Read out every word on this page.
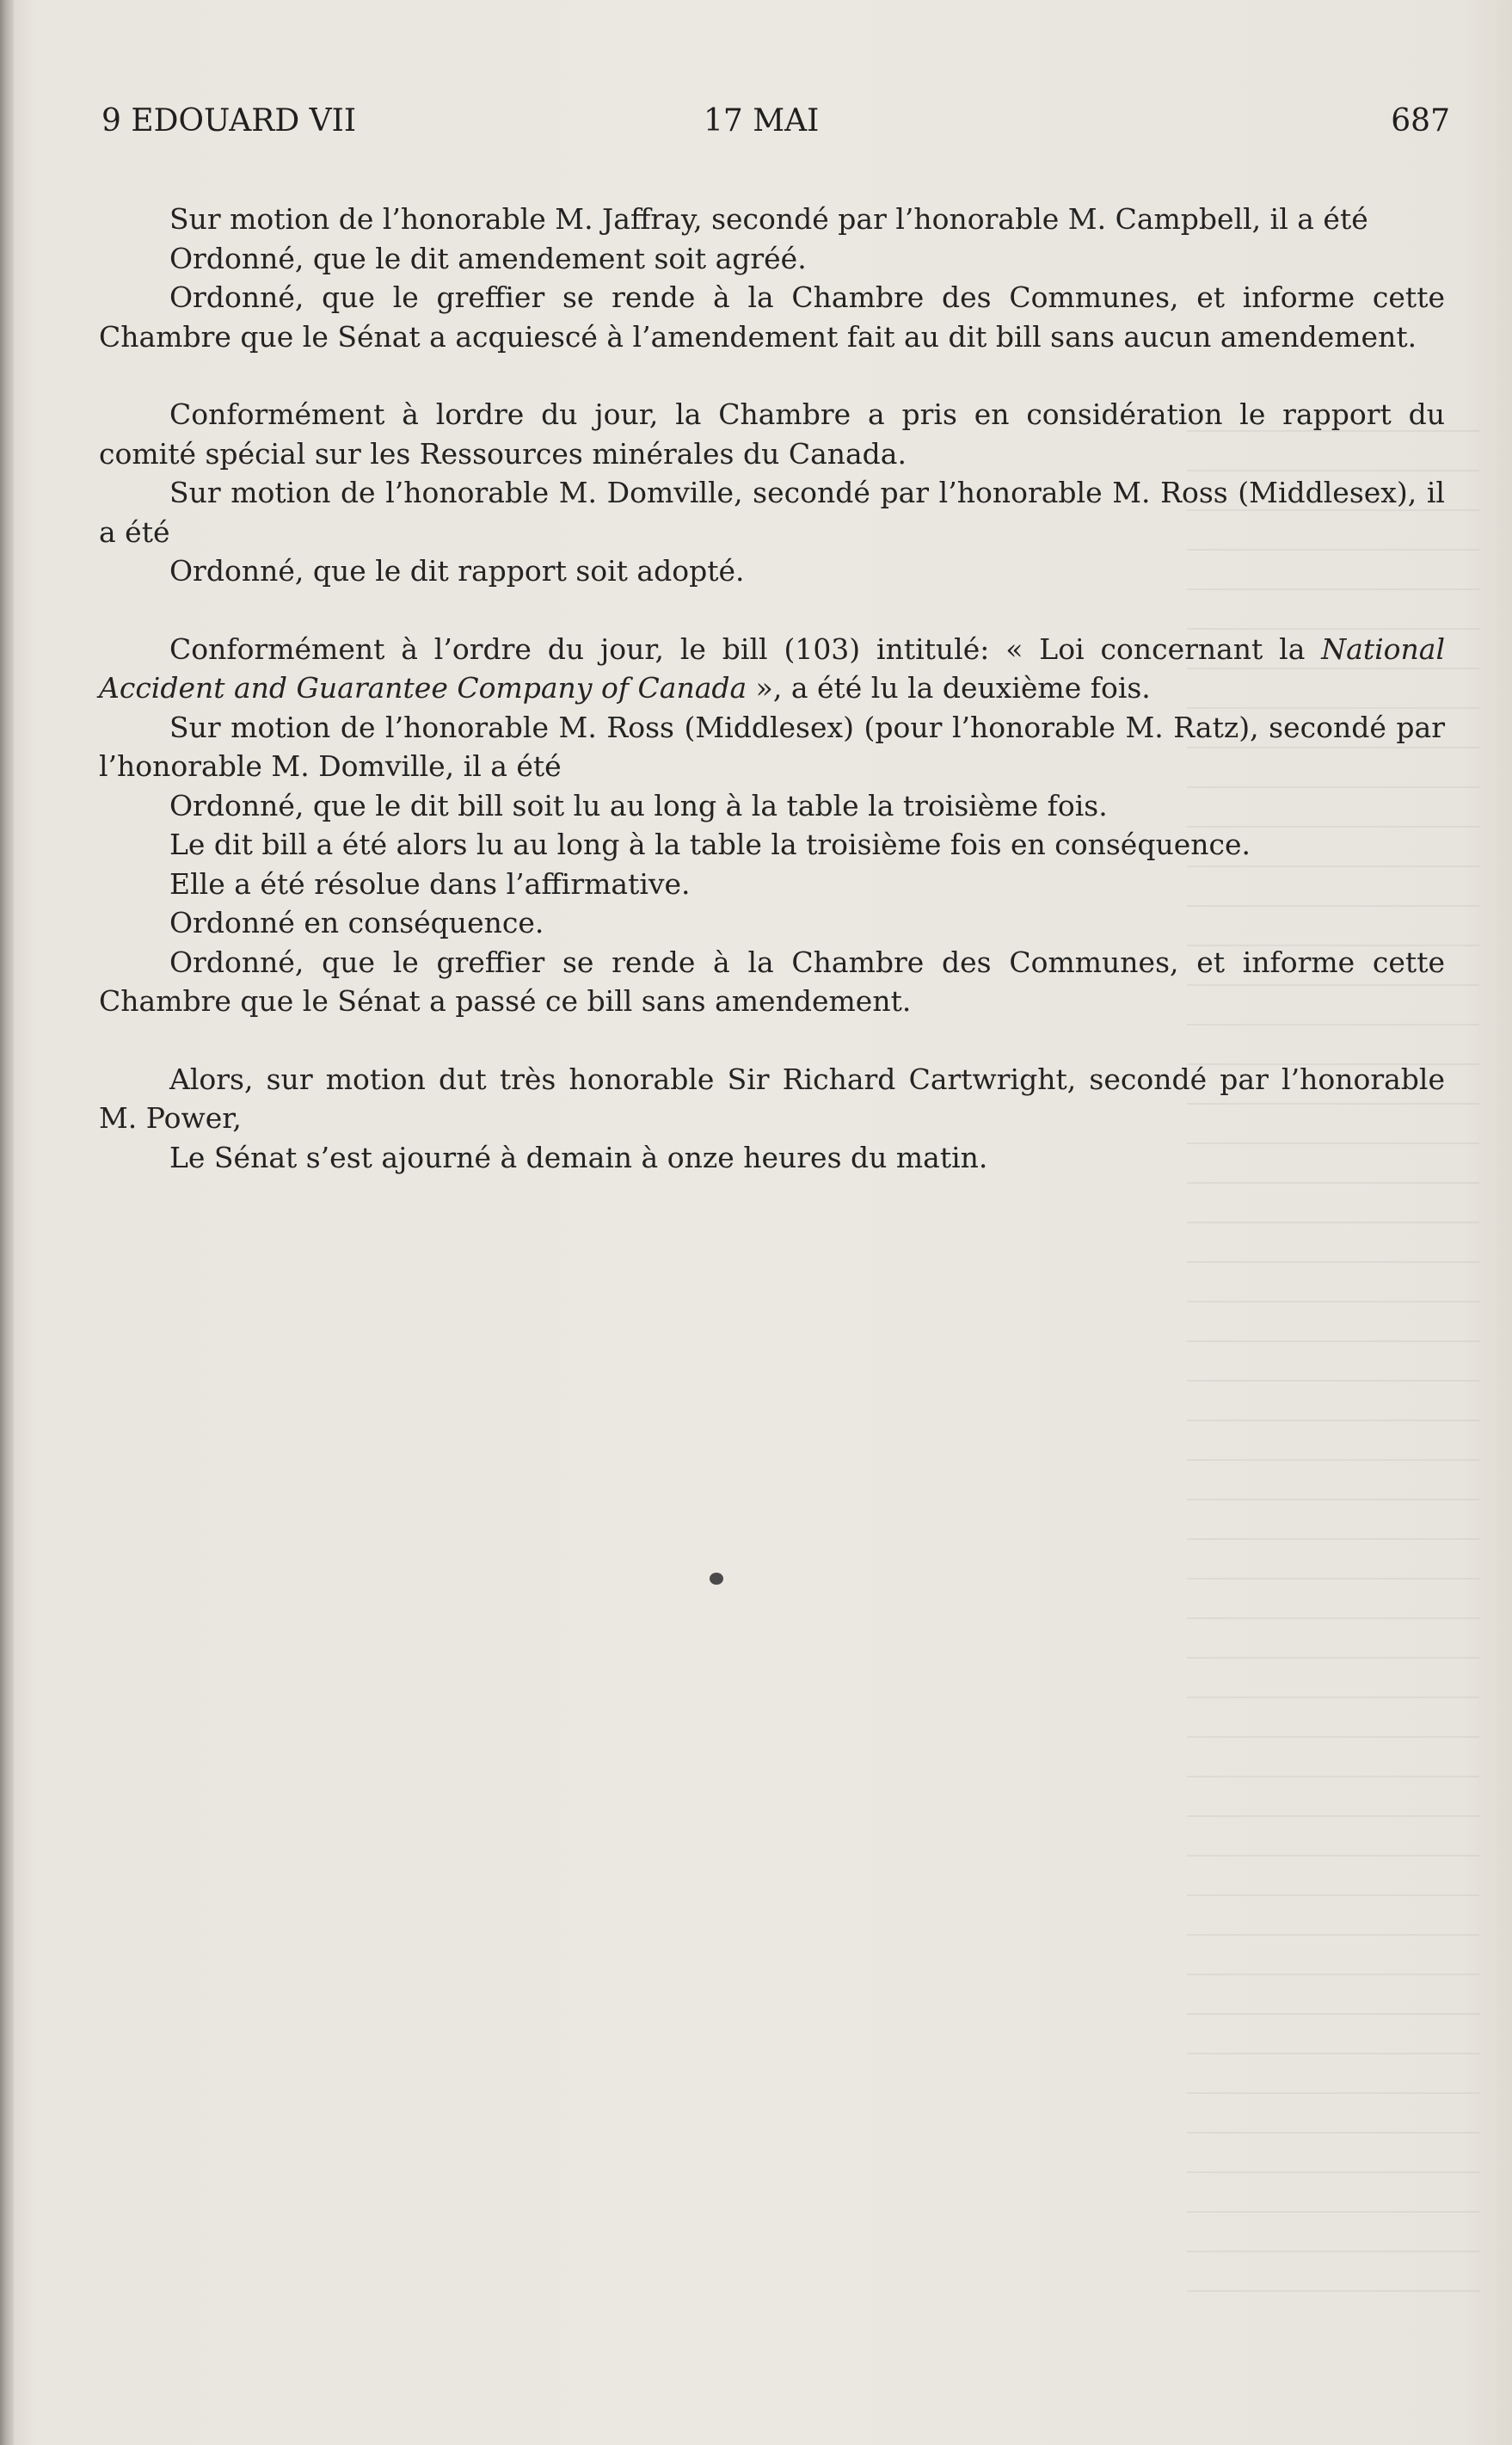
9 EDOUARD VII	17 MAI	687

Sur motion de l’honorable M. Jaffray, secondé par l’honorable M. Campbell, il a été

Ordonné, que le dit amendement soit agréé.

Ordonné, que le greffier se rende à la Chambre des Communes, et informe cette Chambre que le Sénat a acquiescé à l’amendement fait au dit bill sans aucun amendement.

Conformément à lordre du jour, la Chambre a pris en considération le rapport du comité spécial sur les Ressources minérales du Canada.

Sur motion de l’honorable M. Domville, secondé par l’honorable M. Ross (Middlesex), il a été

Ordonné, que le dit rapport soit adopté.

Conformément à l’ordre du jour, le bill (103) intitulé: « Loi concernant la National Accident and Guarantee Company of Canada », a été lu la deuxième fois.

Sur motion de l’honorable M. Ross (Middlesex) (pour l’honorable M. Ratz), secondé par l’honorable M. Domville, il a été

Ordonné, que le dit bill soit lu au long à la table la troisième fois.

Le dit bill a été alors lu au long à la table la troisième fois en conséquence.

Elle a été résolue dans l’affirmative.

Ordonné en conséquence.

Ordonné, que le greffier se rende à la Chambre des Communes, et informe cette Chambre que le Sénat a passé ce bill sans amendement.

Alors, sur motion dut très honorable Sir Richard Cartwright, secondé par l’honorable M. Power,

Le Sénat s’est ajourné à demain à onze heures du matin.
